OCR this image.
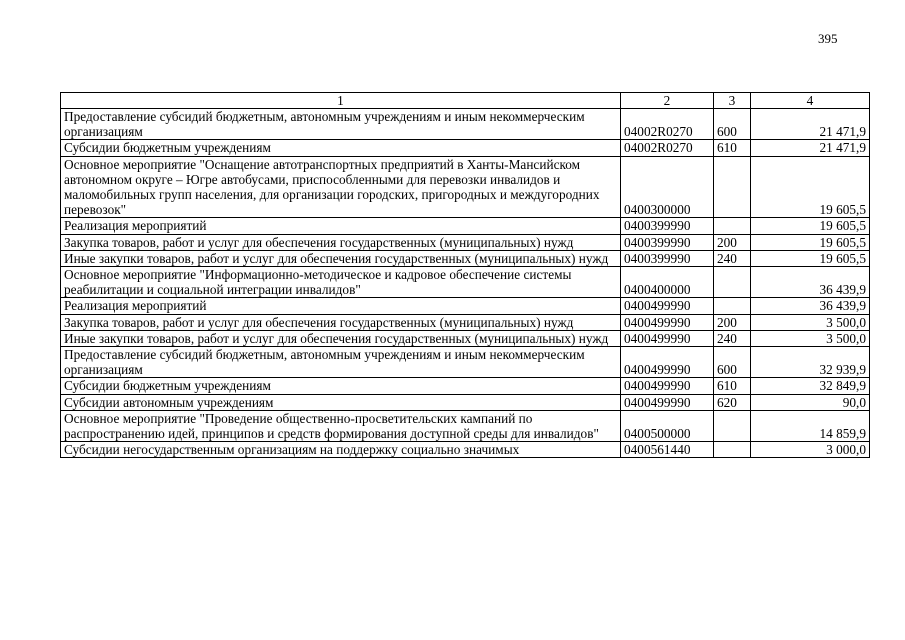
395
1	2	3	4
Предоставление субсидий бюджетным, автономным учреждениям и иным некоммерческим организациям	04002R0270	600	21 471,9
Субсидии бюджетным учреждениям	04002R0270	610	21 471,9
Основное мероприятие "Оснащение автотранспортных предприятий в Ханты-Мансийском автономном округе – Югре автобусами, приспособленными для перевозки инвалидов и маломобильных групп населения, для организации городских, пригородных и междугородних перевозок"	0400300000		19 605,5
Реализация мероприятий	0400399990		19 605,5
Закупка товаров, работ и услуг для обеспечения государственных (муниципальных) нужд	0400399990	200	19 605,5
Иные закупки товаров, работ и услуг для обеспечения государственных (муниципальных) нужд	0400399990	240	19 605,5
Основное мероприятие "Информационно-методическое и кадровое обеспечение системы реабилитации и социальной интеграции инвалидов"	0400400000		36 439,9
Реализация мероприятий	0400499990		36 439,9
Закупка товаров, работ и услуг для обеспечения государственных (муниципальных) нужд	0400499990	200	3 500,0
Иные закупки товаров, работ и услуг для обеспечения государственных (муниципальных) нужд	0400499990	240	3 500,0
Предоставление субсидий бюджетным, автономным учреждениям и иным некоммерческим организациям	0400499990	600	32 939,9
Субсидии бюджетным учреждениям	0400499990	610	32 849,9
Субсидии автономным учреждениям	0400499990	620	90,0
Основное мероприятие "Проведение общественно-просветительских кампаний по распространению идей, принципов и средств формирования доступной среды для инвалидов"	0400500000		14 859,9
Субсидии негосударственным организациям на поддержку социально значимых	0400561440		3 000,0
